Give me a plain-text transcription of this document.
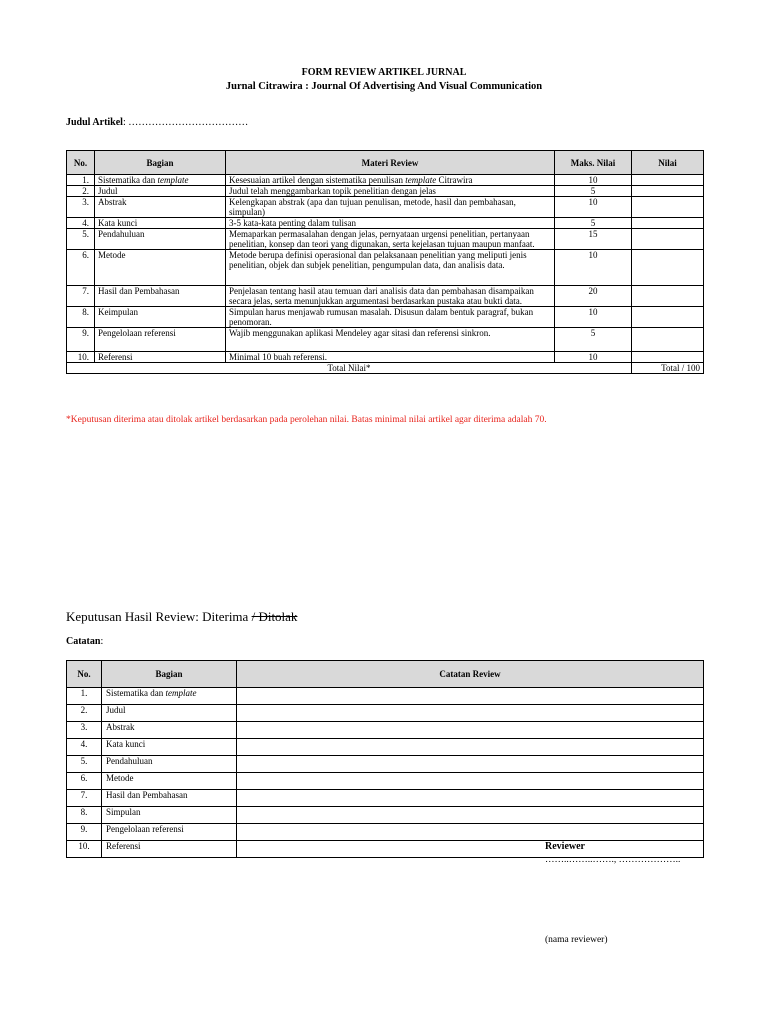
FORM REVIEW ARTIKEL JURNAL
Jurnal Citrawira : Journal Of Advertising And Visual Communication
Judul Artikel: ………………………………
No.	Bagian	Materi Review	Maks. Nilai	Nilai
1.	Sistematika dan template	Kesesuaian artikel dengan sistematika penulisan template Citrawira	10	
2.	Judul	Judul telah menggambarkan topik penelitian dengan jelas	5	
3.	Abstrak	Kelengkapan abstrak (apa dan tujuan penulisan, metode, hasil dan pembahasan, simpulan)	10	
4.	Kata kunci	3-5 kata-kata penting dalam tulisan	5	
5.	Pendahuluan	Memaparkan permasalahan dengan jelas, pernyataan urgensi penelitian, pertanyaan penelitian, konsep dan teori yang digunakan, serta kejelasan tujuan maupun manfaat.	15	
6.	Metode	Metode berupa definisi operasional dan pelaksanaan penelitian yang meliputi jenis penelitian, objek dan subjek penelitian, pengumpulan data, dan analisis data.	10	
7.	Hasil dan Pembahasan	Penjelasan tentang hasil atau temuan dari analisis data dan pembahasan disampaikan secara jelas, serta menunjukkan argumentasi berdasarkan pustaka atau bukti data.	20	
8.	Keimpulan	Simpulan harus menjawab rumusan masalah. Disusun dalam bentuk paragraf, bukan penomoran.	10	
9.	Pengelolaan referensi	Wajib menggunakan aplikasi Mendeley agar sitasi dan referensi sinkron.	5	
10.	Referensi	Minimal 10 buah referensi.	10	
Total Nilai*				Total / 100
*Keputusan diterima atau ditolak artikel berdasarkan pada perolehan nilai. Batas minimal nilai artikel agar diterima adalah 70.
Keputusan Hasil Review: Diterima / Ditolak
Catatan:
No.	Bagian	Catatan Review
1.	Sistematika dan template	
2.	Judul	
3.	Abstrak	
4.	Kata kunci	
5.	Pendahuluan	
6.	Metode	
7.	Hasil dan Pembahasan	
8.	Simpulan	
9.	Pengelolaan referensi	
10.	Referensi		Reviewer
……..……..……., ………………..
(nama reviewer)
